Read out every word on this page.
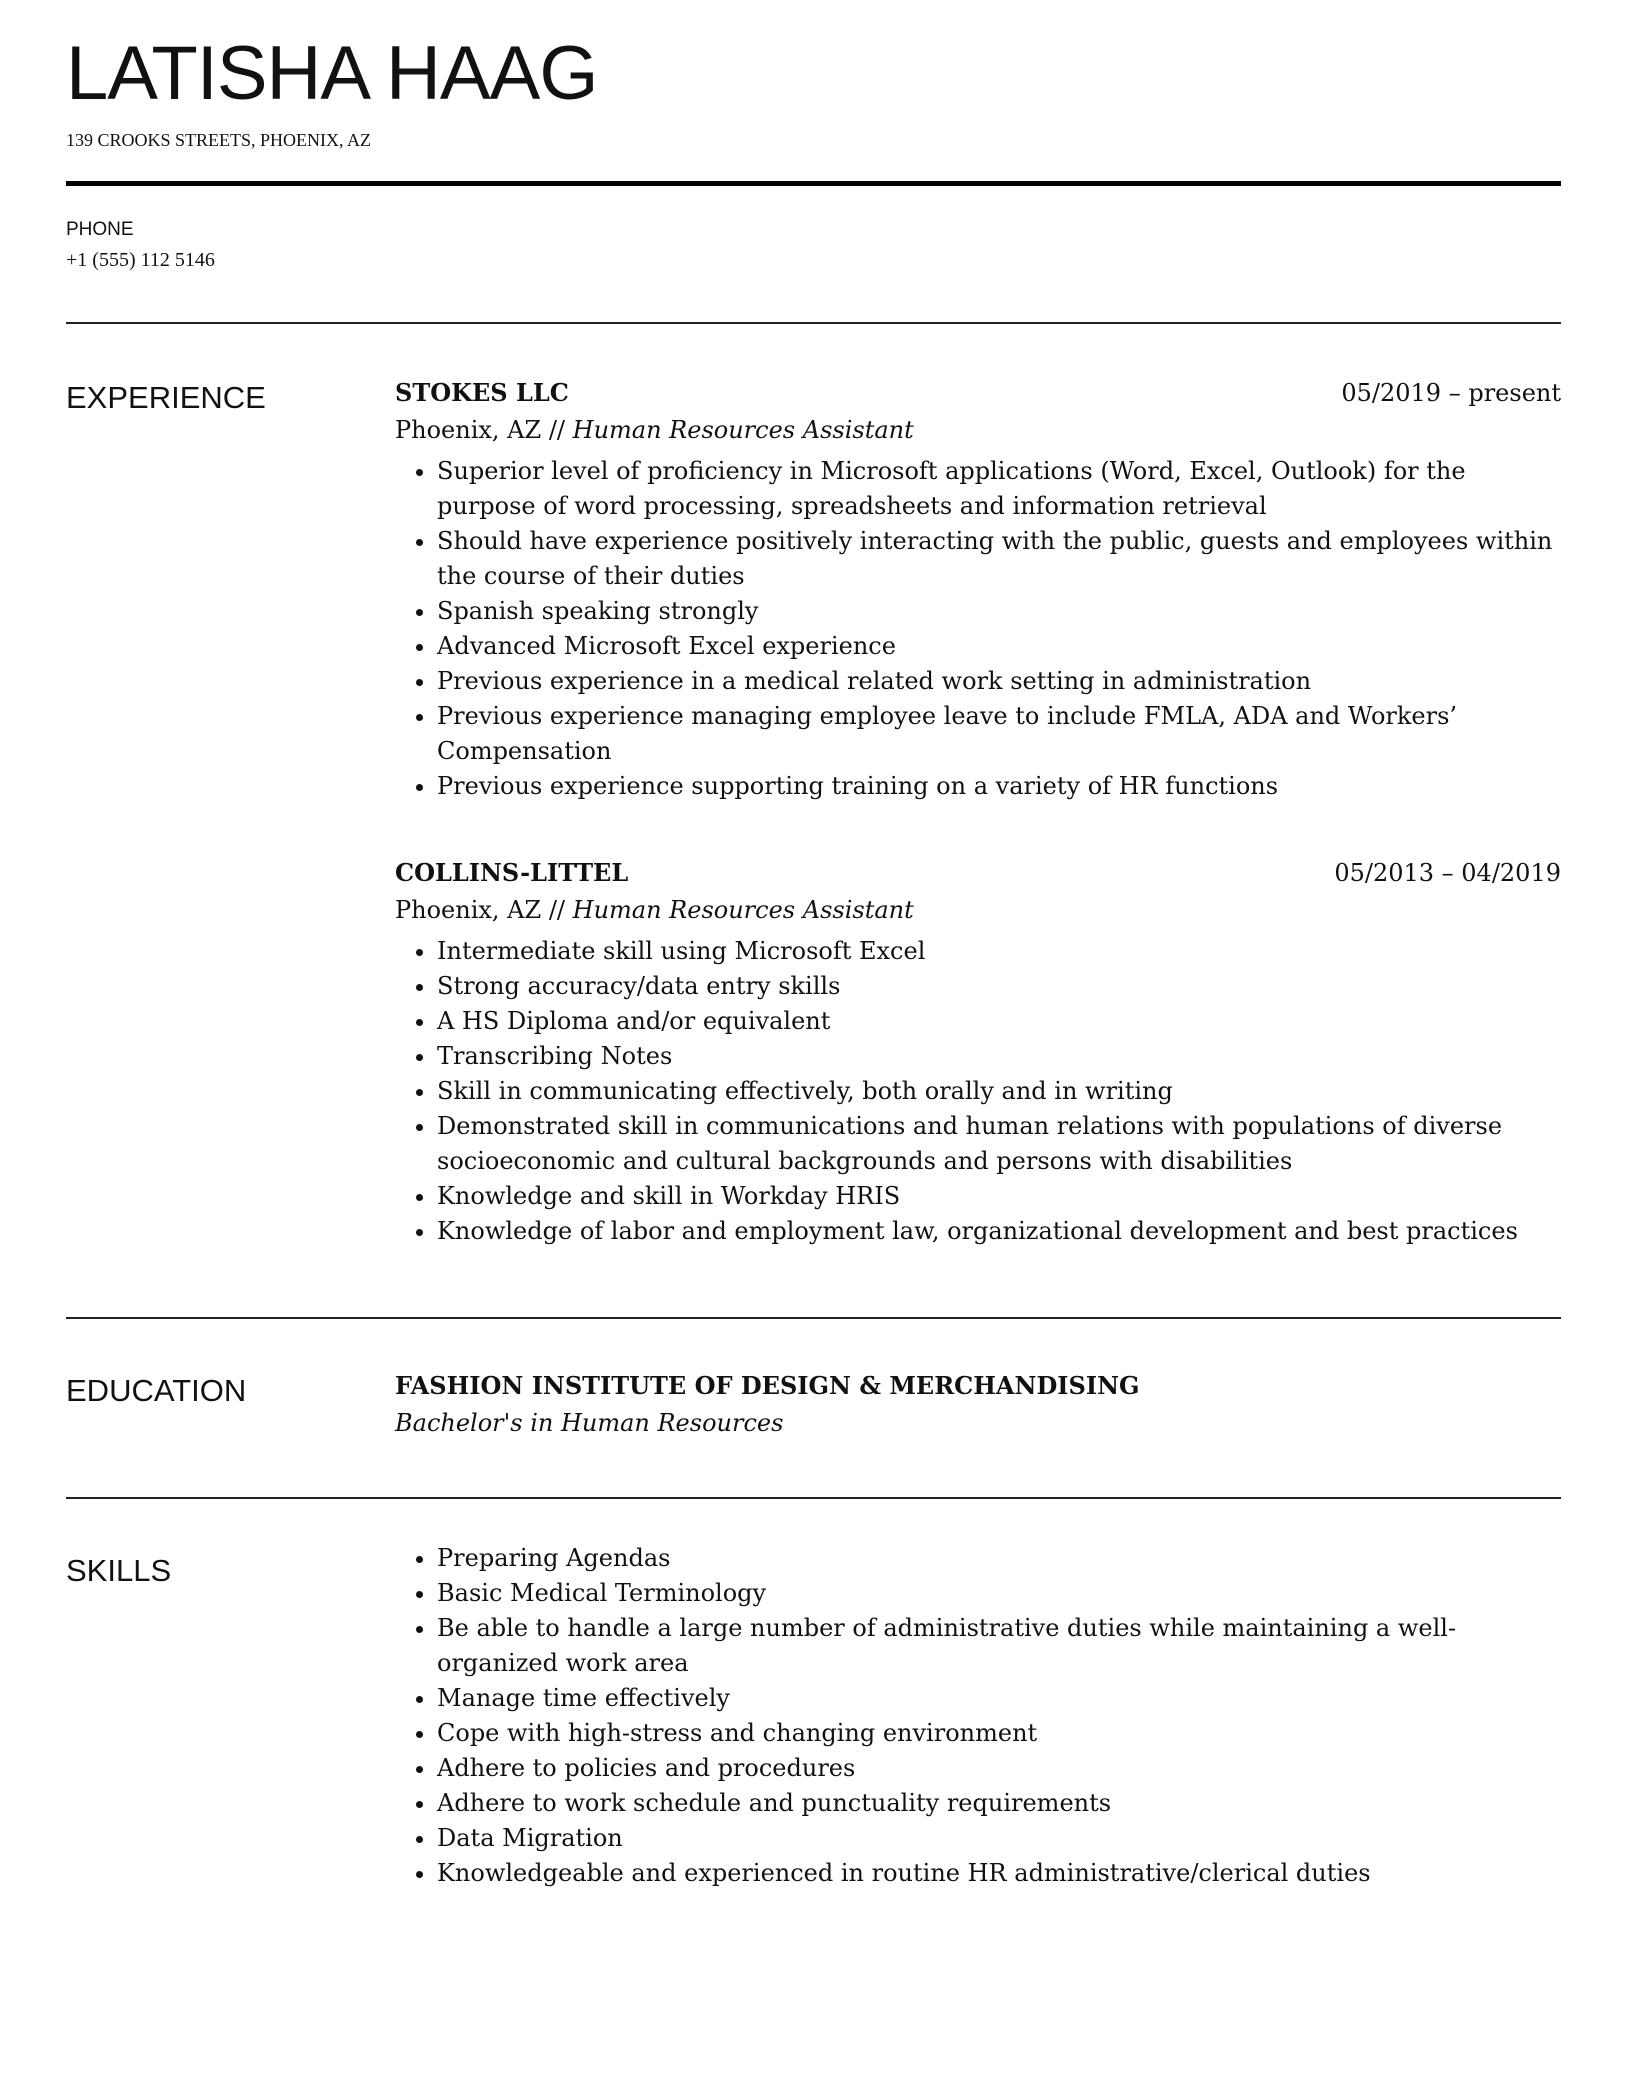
LATISHA HAAG
139 CROOKS STREETS, PHOENIX, AZ
PHONE
+1 (555) 112 5146
EXPERIENCE	STOKES LLC	05/2019 – present
Phoenix, AZ // Human Resources Assistant
• Superior level of proficiency in Microsoft applications (Word, Excel, Outlook) for the purpose of word processing, spreadsheets and information retrieval
• Should have experience positively interacting with the public, guests and employees within the course of their duties
• Spanish speaking strongly
• Advanced Microsoft Excel experience
• Previous experience in a medical related work setting in administration
• Previous experience managing employee leave to include FMLA, ADA and Workers’ Compensation
• Previous experience supporting training on a variety of HR functions
COLLINS-LITTEL	05/2013 – 04/2019
Phoenix, AZ // Human Resources Assistant
• Intermediate skill using Microsoft Excel
• Strong accuracy/data entry skills
• A HS Diploma and/or equivalent
• Transcribing Notes
• Skill in communicating effectively, both orally and in writing
• Demonstrated skill in communications and human relations with populations of diverse socioeconomic and cultural backgrounds and persons with disabilities
• Knowledge and skill in Workday HRIS
• Knowledge of labor and employment law, organizational development and best practices
EDUCATION	FASHION INSTITUTE OF DESIGN & MERCHANDISING
Bachelor's in Human Resources
SKILLS	• Preparing Agendas
• Basic Medical Terminology
• Be able to handle a large number of administrative duties while maintaining a well-organized work area
• Manage time effectively
• Cope with high-stress and changing environment
• Adhere to policies and procedures
• Adhere to work schedule and punctuality requirements
• Data Migration
• Knowledgeable and experienced in routine HR administrative/clerical duties
